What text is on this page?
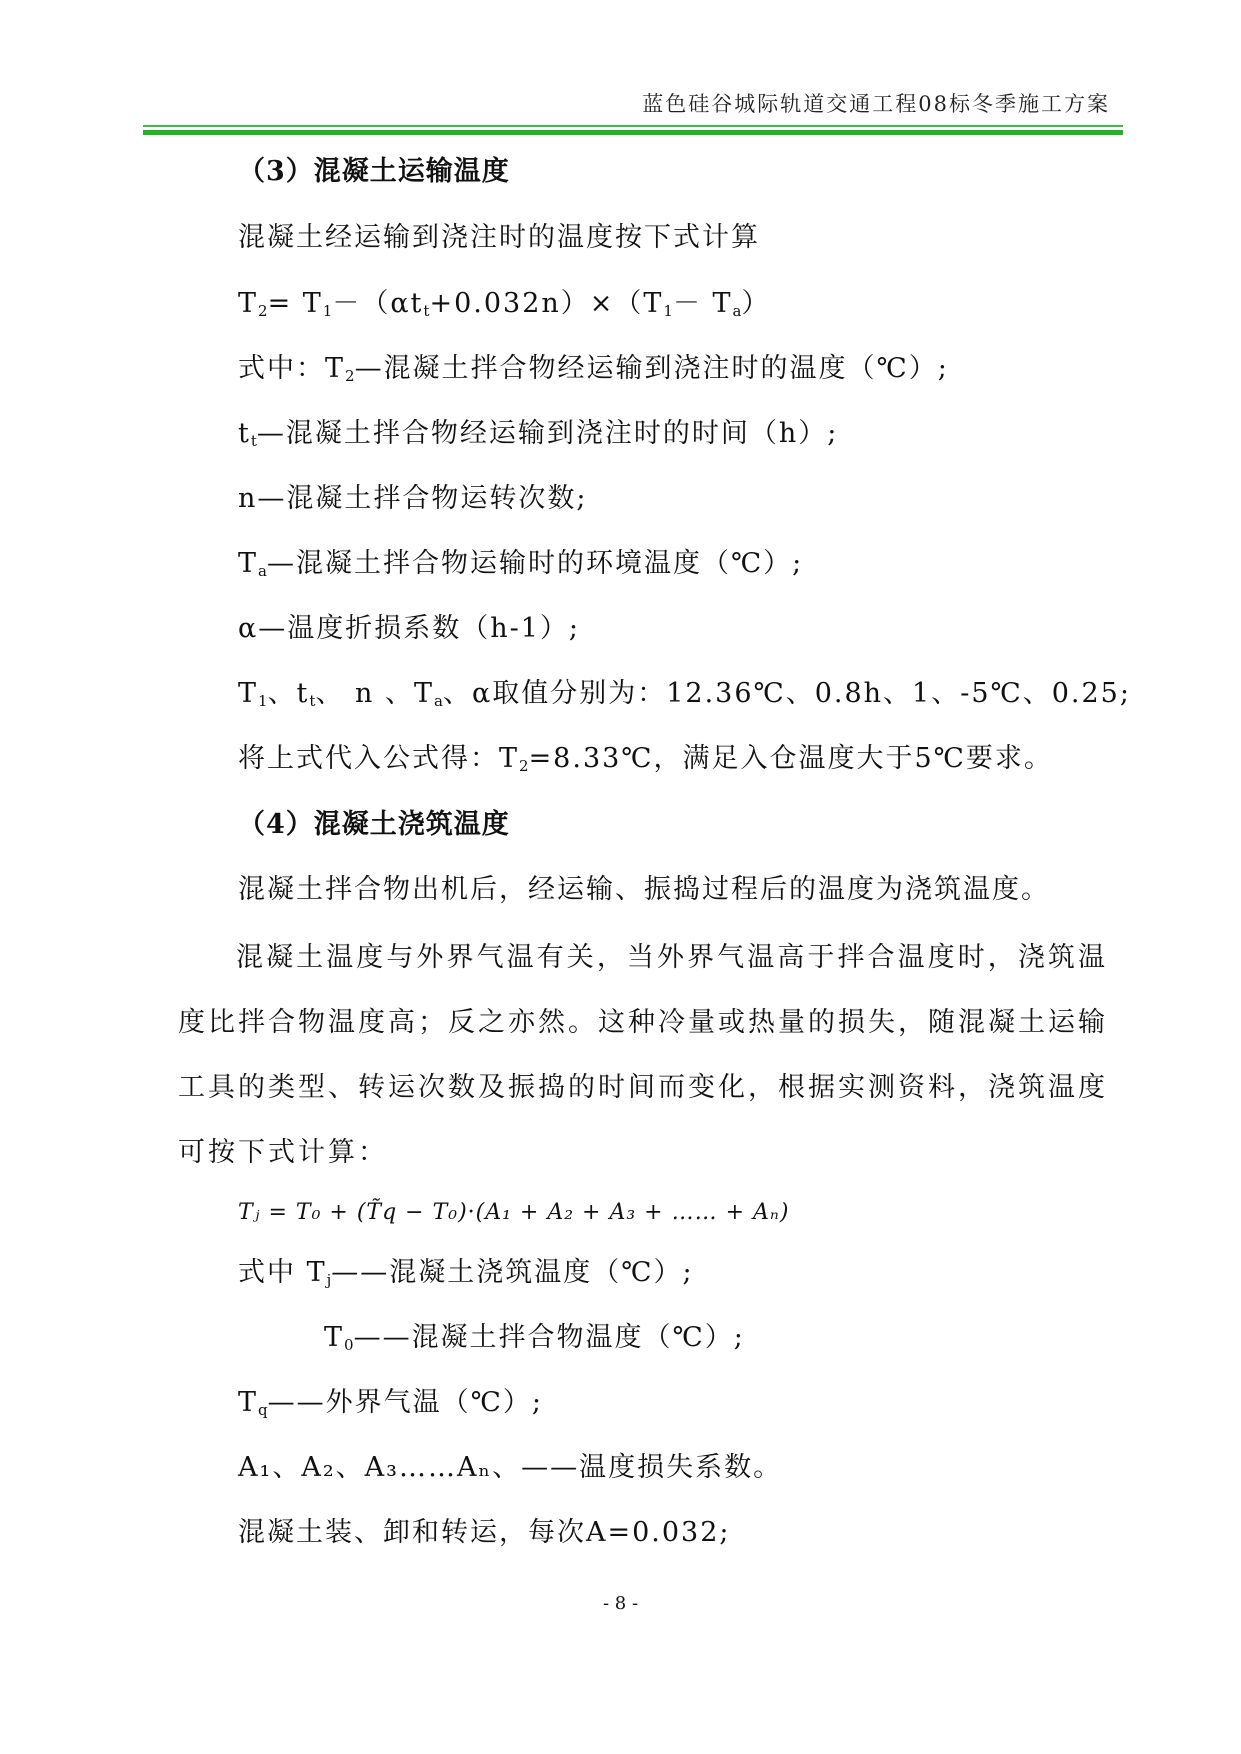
蓝色硅谷城际轨道交通工程08标冬季施工方案
（3）混凝土运输温度
混凝土经运输到浇注时的温度按下式计算
$T_2= T_1-(\alpha t_t+0.032n)\times(T_1- T_a)$
式中：$T_2—$混凝土拌合物经运输到浇注时的温度（℃）;
$t_t—$混凝土拌合物经运输到浇注时的时间（h）;
n—混凝土拌合物运转次数;
$T_a—$混凝土拌合物运输时的环境温度（℃）;
α—温度折损系数（h-1）;
$T_1$、$t_t$、 n 、$T_a$、α取值分别为：12.36℃、0.8h、1、-5℃、0.25;
将上式代入公式得：$T_2=8.33℃$，满足入仓温度大于5℃要求。
（4）混凝土浇筑温度
混凝土拌合物出机后，经运输、振捣过程后的温度为浇筑温度。
混凝土温度与外界气温有关，当外界气温高于拌合温度时，浇筑温度比拌合物温度高；反之亦然。这种冷量或热量的损失，随混凝土运输工具的类型、转运次数及振捣的时间而变化，根据实测资料，浇筑温度可按下式计算：
Tⱼ = T₀ + (T̃q − T₀)·(A₁ + A₂ + A₃ + …… + Aₙ)
式中 $T_j——$混凝土浇筑温度（℃）;
$T_0——$混凝土拌合物温度（℃）;
$T_q——$外界气温（℃）;
A₁、A₂、A₃……Aₙ、——温度损失系数。
混凝土装、卸和转运，每次A=0.032;
- 8 -
